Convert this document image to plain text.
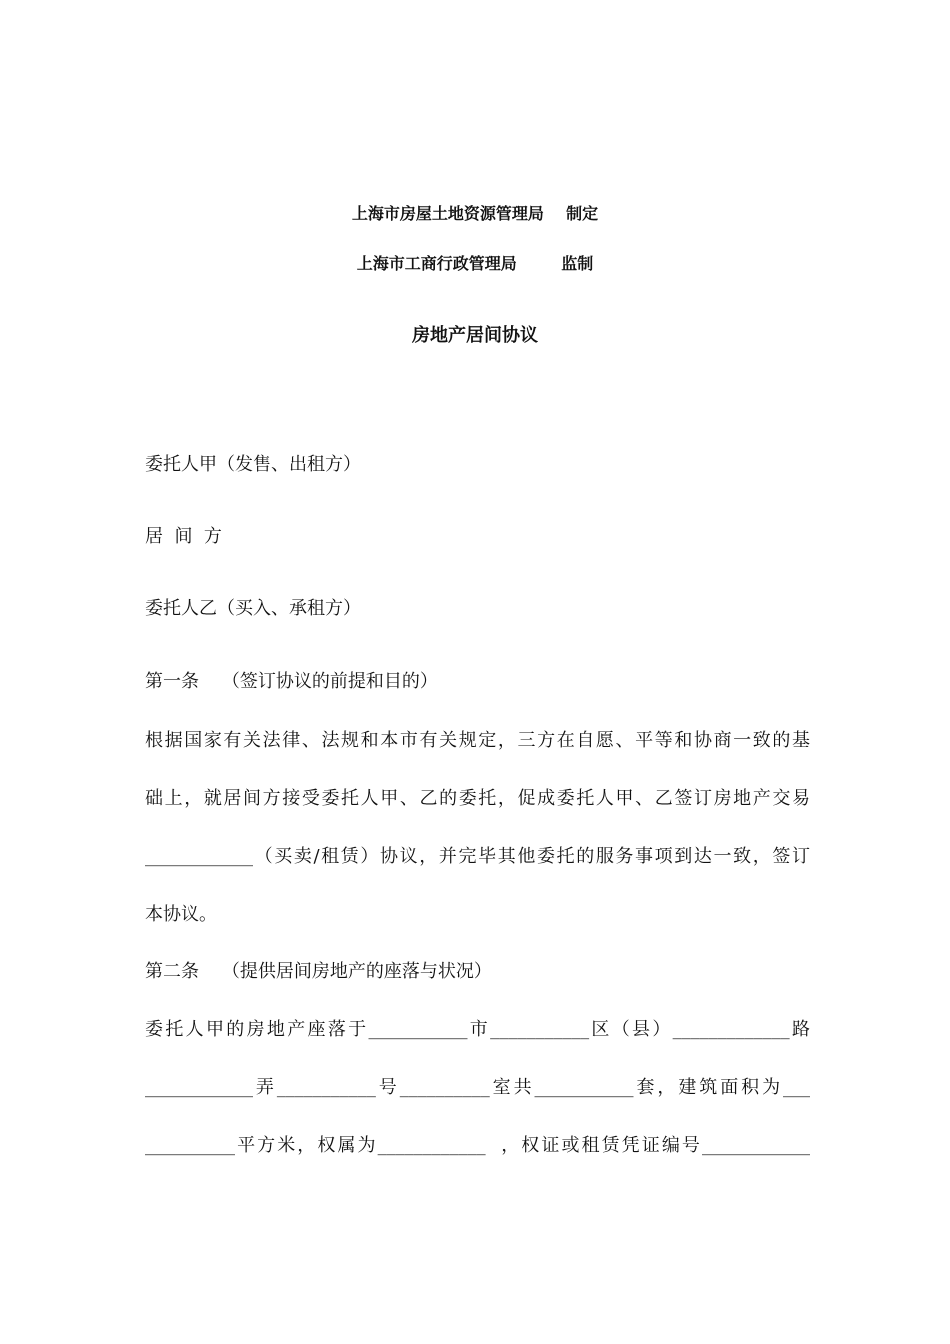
上海市房屋土地资源管理局    制定
上海市工商行政管理局        监制
房地产居间协议
委托人甲（发售、出租方）
居  间  方
委托人乙（买入、承租方）
第一条    （签订协议的前提和目的）
根据国家有关法律、法规和本市有关规定，三方在自愿、平等和协商一致的基
础上，就居间方接受委托人甲、乙的委托，促成委托人甲、乙签订房地产交易
____________（买卖/租赁）协议，并完毕其他委托的服务事项到达一致，签订
本协议。
第二条    （提供居间房地产的座落与状况）
委托人甲的房地产座落于___________市___________区（县）_____________路
____________弄___________号__________室共___________套，建筑面积为___
__________平方米，权属为____________  ，权证或租赁凭证编号____________
